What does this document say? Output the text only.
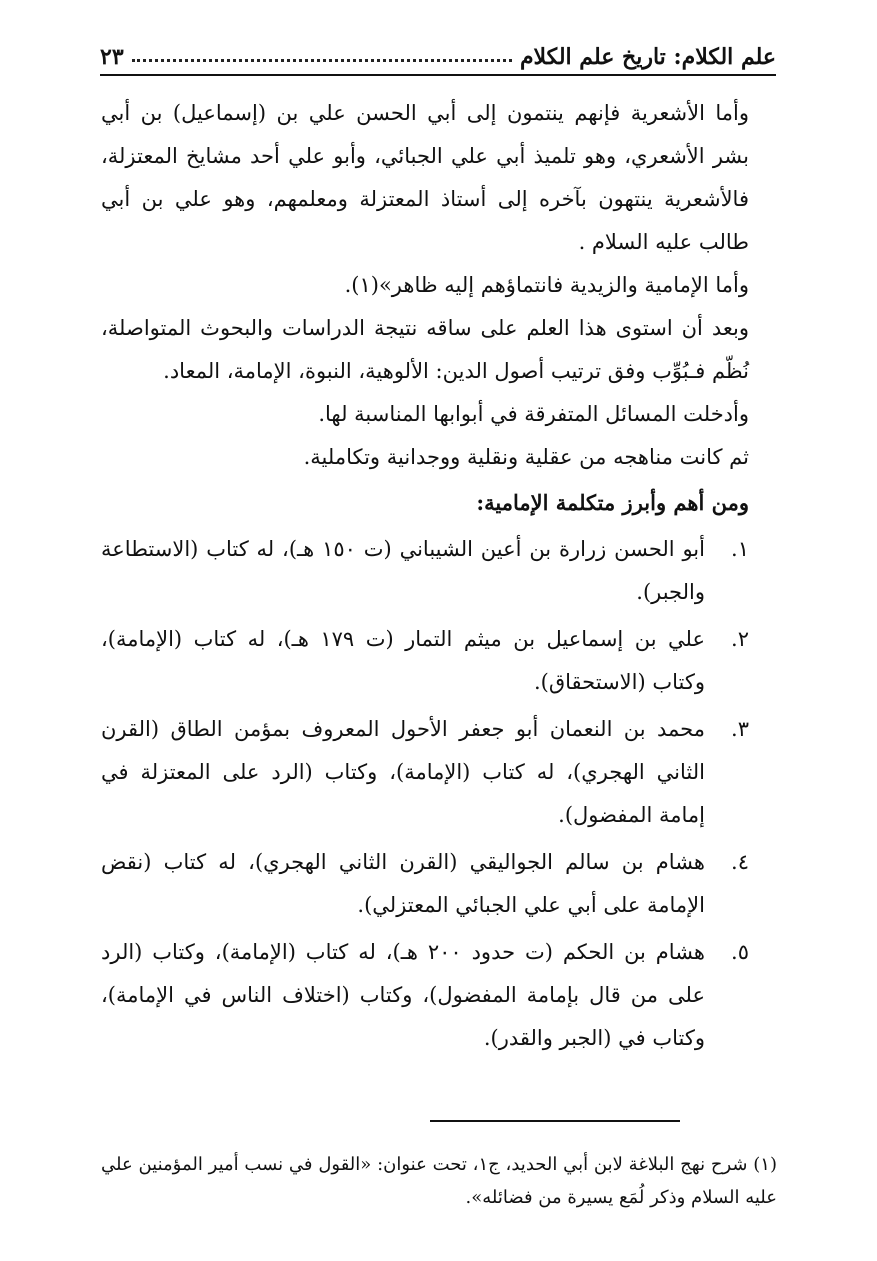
علم الكلام: تاريخ علم الكلام
٢٣

وأما الأشعرية فإنهم ينتمون إلى أبي الحسن علي بن (إسماعيل) بن أبي بشر الأشعري، وهو تلميذ أبي علي الجبائي، وأبو علي أحد مشايخ المعتزلة، فالأشعرية ينتهون بآخره إلى أستاذ المعتزلة ومعلمهم، وهو علي بن أبي طالب عليه السلام .

وأما الإمامية والزيدية فانتماؤهم إليه ظاهر»(١).

وبعد أن استوى هذا العلم على ساقه نتيجة الدراسات والبحوث المتواصلة، نُظّم فـبُوِّب وفق ترتيب أصول الدين: الألوهية، النبوة، الإمامة، المعاد.

وأدخلت المسائل المتفرقة في أبوابها المناسبة لها.

ثم كانت مناهجه من عقلية ونقلية ووجدانية وتكاملية.

ومن أهم وأبرز متكلمة الإمامية:

١.
أبو الحسن زرارة بن أعين الشيباني (ت ١٥٠ هـ)، له كتاب (الاستطاعة والجبر).
٢.
علي بن إسماعيل بن ميثم التمار (ت ١٧٩ هـ)، له كتاب (الإمامة)، وكتاب (الاستحقاق).
٣.
محمد بن النعمان أبو جعفر الأحول المعروف بمؤمن الطاق (القرن الثاني الهجري)، له كتاب (الإمامة)، وكتاب (الرد على المعتزلة في إمامة المفضول).
٤.
هشام بن سالم الجواليقي (القرن الثاني الهجري)، له كتاب (نقض الإمامة على أبي علي الجبائي المعتزلي).
٥.
هشام بن الحكم (ت حدود ٢٠٠ هـ)، له كتاب (الإمامة)، وكتاب (الرد على من قال بإمامة المفضول)، وكتاب (اختلاف الناس في الإمامة)، وكتاب في (الجبر والقدر).

(١) شرح نهج البلاغة لابن أبي الحديد، ج١، تحت عنوان: «القول في نسب أمير المؤمنين علي عليه السلام وذكر لُمَع يسيرة من فضائله».
